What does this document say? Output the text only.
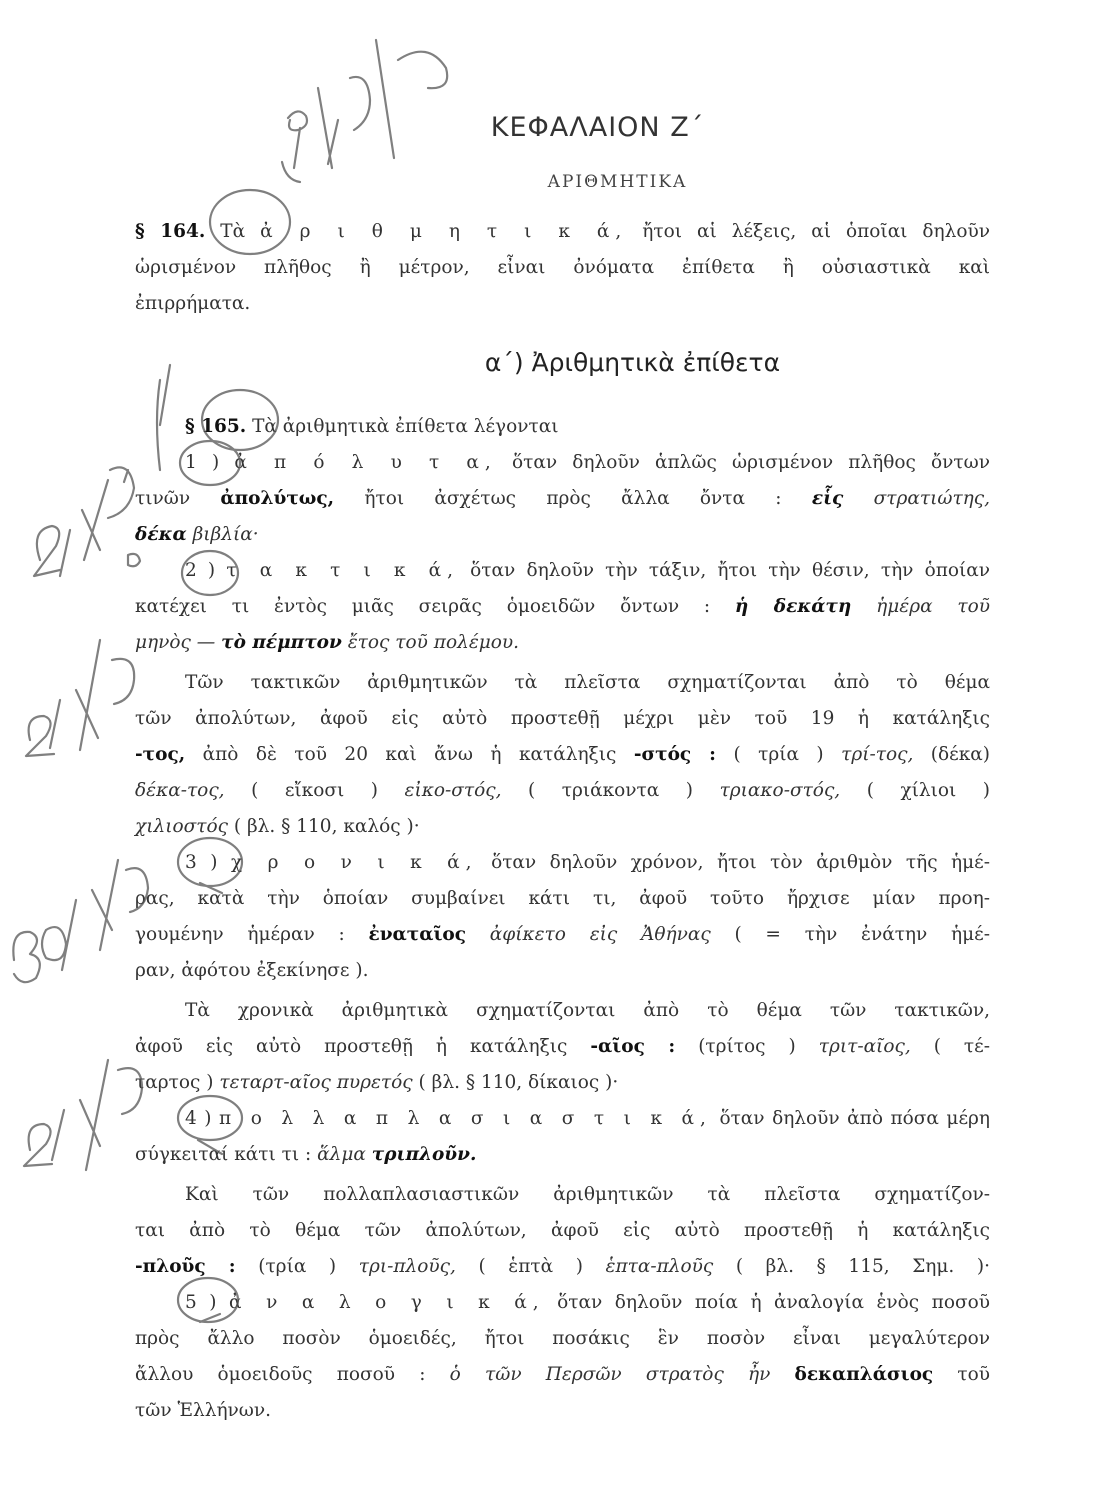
ΚΕΦΑΛΑΙΟΝ Ζ΄
ΑΡΙΘΜΗΤΙΚΑ
§ 164. Τὰ ἀ ρ ι θ μ η τ ι κ ά, ἤτοι αἱ λέξεις, αἱ ὁποῖαι δηλοῦν
ὡρισμένον πλῆθος ἢ μέτρον, εἶναι ὀνόματα ἐπίθετα ἢ οὐσιαστικὰ καὶ
ἐπιρρήματα.
α΄) Ἀριθμητικὰ ἐπίθετα
§ 165. Τὰ ἀριθμητικὰ ἐπίθετα λέγονται
1 ) ἀ π ό λ υ τ α, ὅταν δηλοῦν ἁπλῶς ὡρισμένον πλῆθος ὄντων
τινῶν ἀπολύτως, ἤτοι ἀσχέτως πρὸς ἄλλα ὄντα : εἷς στρατιώτης,
δέκα βιβλία·
2 ) τ α κ τ ι κ ά, ὅταν δηλοῦν τὴν τάξιν, ἤτοι τὴν θέσιν, τὴν ὁποίαν
κατέχει τι ἐντὸς μιᾶς σειρᾶς ὁμοειδῶν ὄντων : ἡ δεκάτη ἡμέρα τοῦ
μηνὸς — τὸ πέμπτον ἔτος τοῦ πολέμου.
Τῶν τακτικῶν ἀριθμητικῶν τὰ πλεῖστα σχηματίζονται ἀπὸ τὸ θέμα
τῶν ἀπολύτων, ἀφοῦ εἰς αὐτὸ προστεθῇ μέχρι μὲν τοῦ 19 ἡ κατάληξις
-τος, ἀπὸ δὲ τοῦ 20 καὶ ἄνω ἡ κατάληξις -στός : ( τρία ) τρί-τος, (δέκα)
δέκα-τος, ( εἴκοσι ) εἰκο-στός, ( τριάκοντα ) τριακο-στός, ( χίλιοι )
χιλιοστός ( βλ. § 110, καλός )·
3 ) χ ρ ο ν ι κ ά, ὅταν δηλοῦν χρόνον, ἤτοι τὸν ἀριθμὸν τῆς ἡμέ-
ρας, κατὰ τὴν ὁποίαν συμβαίνει κάτι τι, ἀφοῦ τοῦτο ἤρχισε μίαν προη-
γουμένην ἡμέραν : ἐναταῖος ἀφίκετο εἰς Ἀθήνας ( = τὴν ἐνάτην ἡμέ-
ραν, ἀφότου ἐξεκίνησε ).
Τὰ χρονικὰ ἀριθμητικὰ σχηματίζονται ἀπὸ τὸ θέμα τῶν τακτικῶν,
ἀφοῦ εἰς αὐτὸ προστεθῇ ἡ κατάληξις -αῖος : (τρίτος ) τριτ-αῖος, ( τέ-
ταρτος ) τεταρτ-αῖος πυρετός ( βλ. § 110, δίκαιος )·
4 ) π ο λ λ α π λ α σ ι α σ τ ι κ ά, ὅταν δηλοῦν ἀπὸ πόσα μέρη
σύγκειταί κάτι τι : ἅλμα τριπλοῦν.
Καὶ τῶν πολλαπλασιαστικῶν ἀριθμητικῶν τὰ πλεῖστα σχηματίζον-
ται ἀπὸ τὸ θέμα τῶν ἀπολύτων, ἀφοῦ εἰς αὐτὸ προστεθῇ ἡ κατάληξις
-πλοῦς : (τρία ) τρι-πλοῦς, ( ἑπτὰ ) ἑπτα-πλοῦς ( βλ. § 115, Σημ. )·
5 ) ἀ ν α λ ο γ ι κ ά, ὅταν δηλοῦν ποία ἡ ἀναλογία ἑνὸς ποσοῦ
πρὸς ἄλλο ποσὸν ὁμοειδές, ἤτοι ποσάκις ἓν ποσὸν εἶναι μεγαλύτερον
ἄλλου ὁμοειδοῦς ποσοῦ : ὁ τῶν Περσῶν στρατὸς ἦν δεκαπλάσιος τοῦ
τῶν Ἑλλήνων.
